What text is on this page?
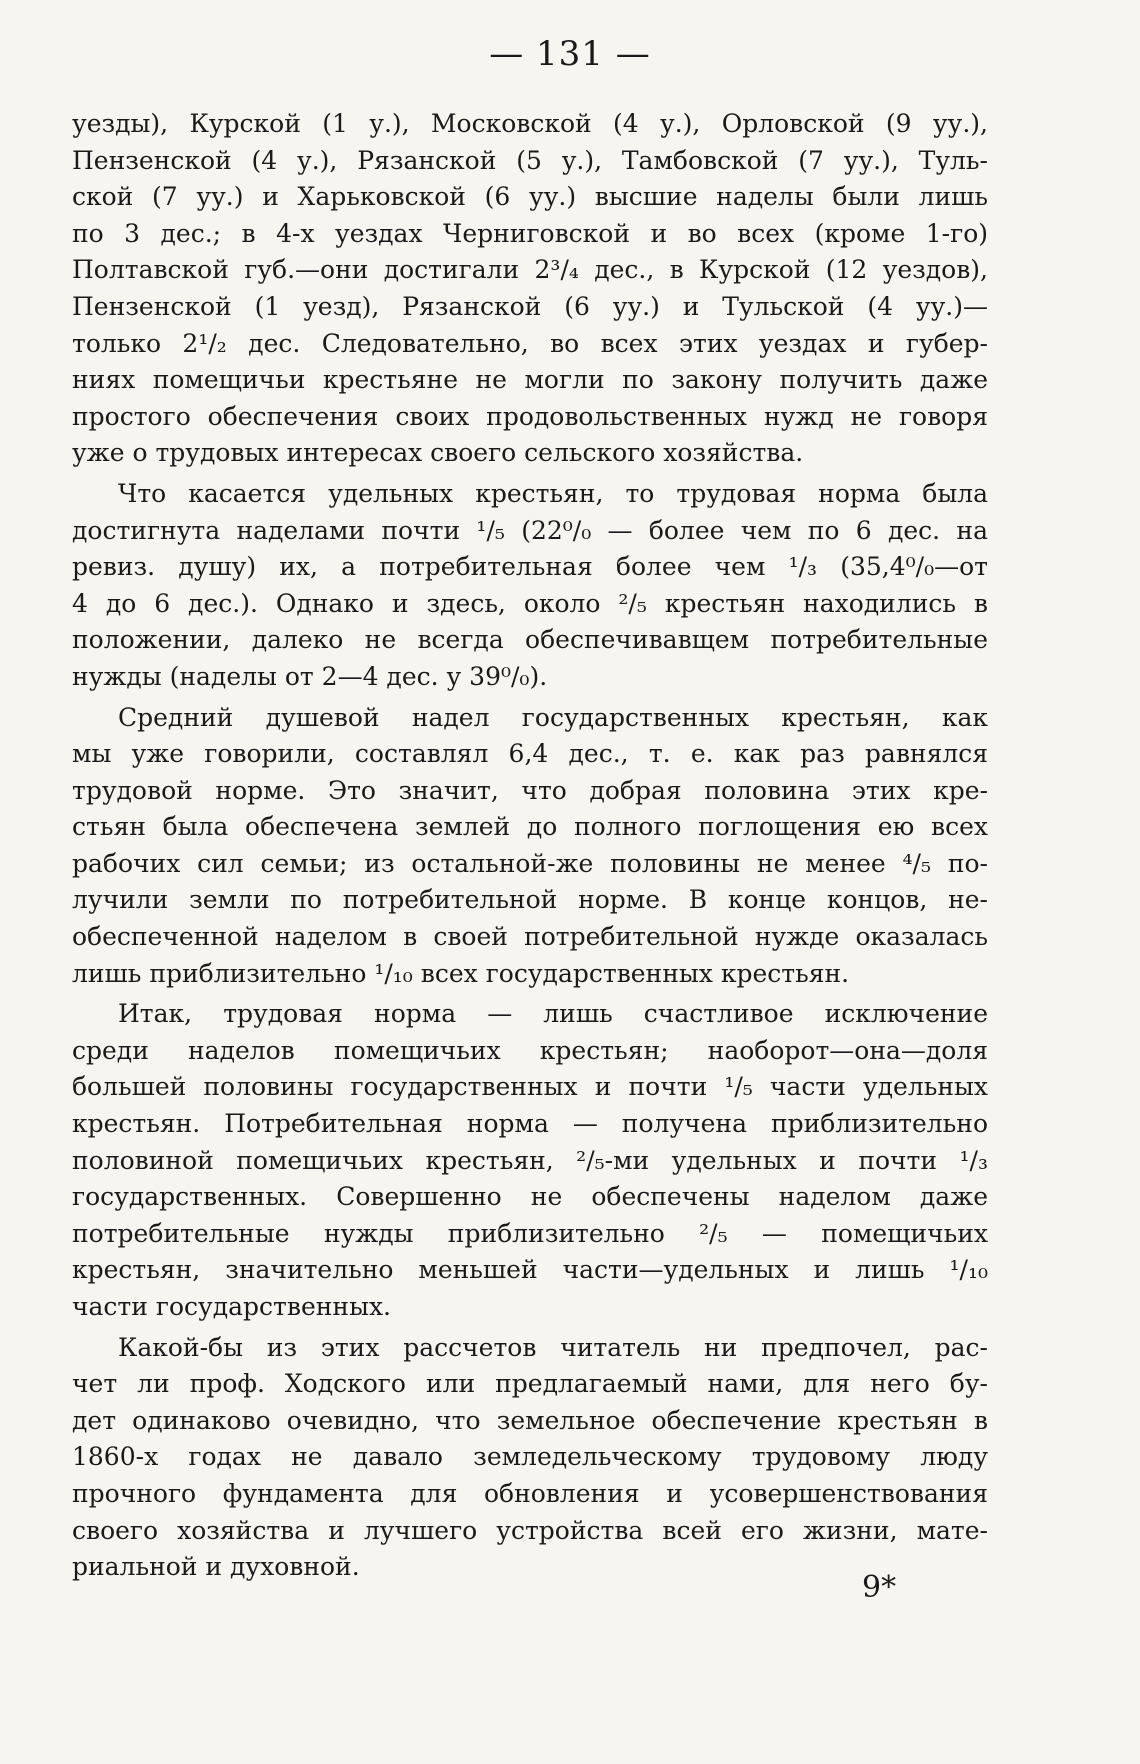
— 131 —
уезды), Курской (1 у.), Московской (4 у.), Орловской (9 уу.),
Пензенской (4 у.), Рязанской (5 у.), Тамбовской (7 уу.), Туль-
ской (7 уу.) и Харьковской (6 уу.) высшие наделы были лишь
по 3 дес.; в 4-х уездах Черниговской и во всех (кроме 1-го)
Полтавской губ.—они достигали 2³/₄ дес., в Курской (12 уездов),
Пензенской (1 уезд), Рязанской (6 уу.) и Тульской (4 уу.)—
только 2¹/₂ дес. Следовательно, во всех этих уездах и губер-
ниях помещичьи крестьяне не могли по закону получить даже
простого обеспечения своих продовольственных нужд не говоря
уже о трудовых интересах своего сельского хозяйства.
Что касается удельных крестьян, то трудовая норма была
достигнута наделами почти ¹/₅ (22⁰/₀ — более чем по 6 дес. на
ревиз. душу) их, а потребительная более чем ¹/₃ (35,4⁰/₀—от
4 до 6 дес.). Однако и здесь, около ²/₅ крестьян находились в
положении, далеко не всегда обеспечивавщем потребительные
нужды (наделы от 2—4 дес. у 39⁰/₀).
Средний душевой надел государственных крестьян, как
мы уже говорили, составлял 6,4 дес., т. е. как раз равнялся
трудовой норме. Это значит, что добрая половина этих кре-
стьян была обеспечена землей до полного поглощения ею всех
рабочих сил семьи; из остальной-же половины не менее ⁴/₅ по-
лучили земли по потребительной норме. В конце концов, не-
обеспеченной наделом в своей потребительной нужде оказалась
лишь приблизительно ¹/₁₀ всех государственных крестьян.
Итак, трудовая норма — лишь счастливое исключение
среди наделов помещичьих крестьян; наоборот—она—доля
большей половины государственных и почти ¹/₅ части удельных
крестьян. Потребительная норма — получена приблизительно
половиной помещичьих крестьян, ²/₅-ми удельных и почти ¹/₃
государственных. Совершенно не обеспечены наделом даже
потребительные нужды приблизительно ²/₅ — помещичьих
крестьян, значительно меньшей части—удельных и лишь ¹/₁₀
части государственных.
Какой-бы из этих рассчетов читатель ни предпочел, рас-
чет ли проф. Ходского или предлагаемый нами, для него бу-
дет одинаково очевидно, что земельное обеспечение крестьян в
1860-х годах не давало земледельческому трудовому люду
прочного фундамента для обновления и усовершенствования
своего хозяйства и лучшего устройства всей его жизни, мате-
риальной и духовной.
9*
